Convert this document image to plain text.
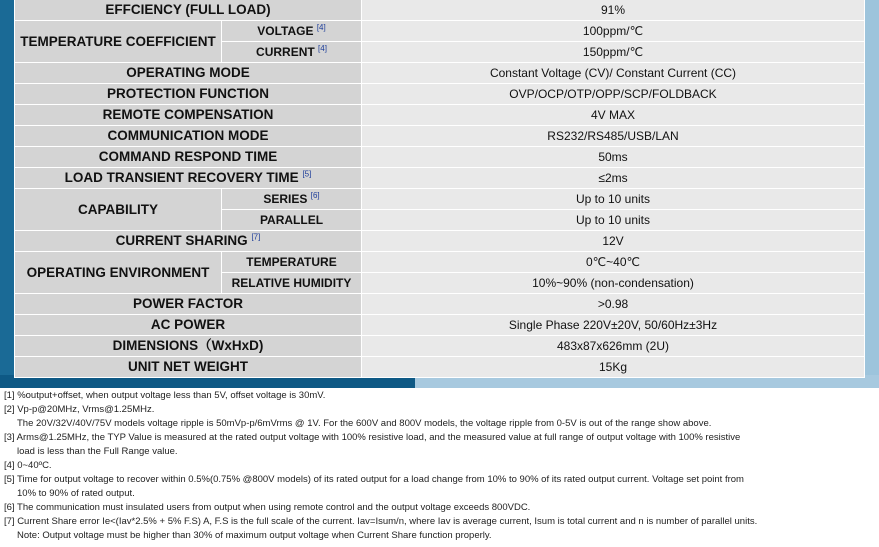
EFFCIENCY (FULL LOAD)		91%
TEMPERATURE COEFFICIENT	VOLTAGE [4]	100ppm/℃
	CURRENT [4]	150ppm/℃
OPERATING MODE		Constant Voltage (CV)/ Constant Current (CC)
PROTECTION FUNCTION		OVP/OCP/OTP/OPP/SCP/FOLDBACK
REMOTE COMPENSATION		4V MAX
COMMUNICATION MODE		RS232/RS485/USB/LAN
COMMAND RESPOND TIME		50ms
LOAD TRANSIENT RECOVERY TIME [5]		≤2ms
CAPABILITY	SERIES [6]	Up to 10 units
	PARALLEL	Up to 10 units
CURRENT SHARING [7]		12V
OPERATING ENVIRONMENT	TEMPERATURE	0℃~40℃
	RELATIVE HUMIDITY	10%~90% (non-condensation)
POWER FACTOR		>0.98
AC POWER		Single Phase 220V±20V, 50/60Hz±3Hz
DIMENSIONS（WxHxD)		483x87x626mm (2U)
UNIT NET WEIGHT		15Kg
[1] %output+offset, when output voltage less than 5V, offset voltage is 30mV.
[2] Vp-p@20MHz, Vrms@1.25MHz.
The 20V/32V/40V/75V models voltage ripple is 50mVp-p/6mVrms @ 1V. For the 600V and 800V models, the voltage ripple from 0-5V is out of the range show above.
[3] Arms@1.25MHz, the TYP Value is measured at the rated output voltage with 100% resistive load, and the measured value at full range of output voltage with 100% resistive
load is less than the Full Range value.
[4] 0~40ºC.
[5] Time for output voltage to recover within 0.5%(0.75% @800V models) of its rated output for a load change from 10% to 90% of its rated output current. Voltage set point from
10% to 90% of rated output.
[6] The communication must insulated users from output when using remote control and the output voltage exceeds 800VDC.
[7] Current Share error Ie<(Iav*2.5% + 5% F.S) A, F.S is the full scale of the current. Iav=Isum/n, where Iav is average current, Isum is total current and n is number of parallel units.
Note: Output voltage must be higher than 30% of maximum output voltage when Current Share function properly.
